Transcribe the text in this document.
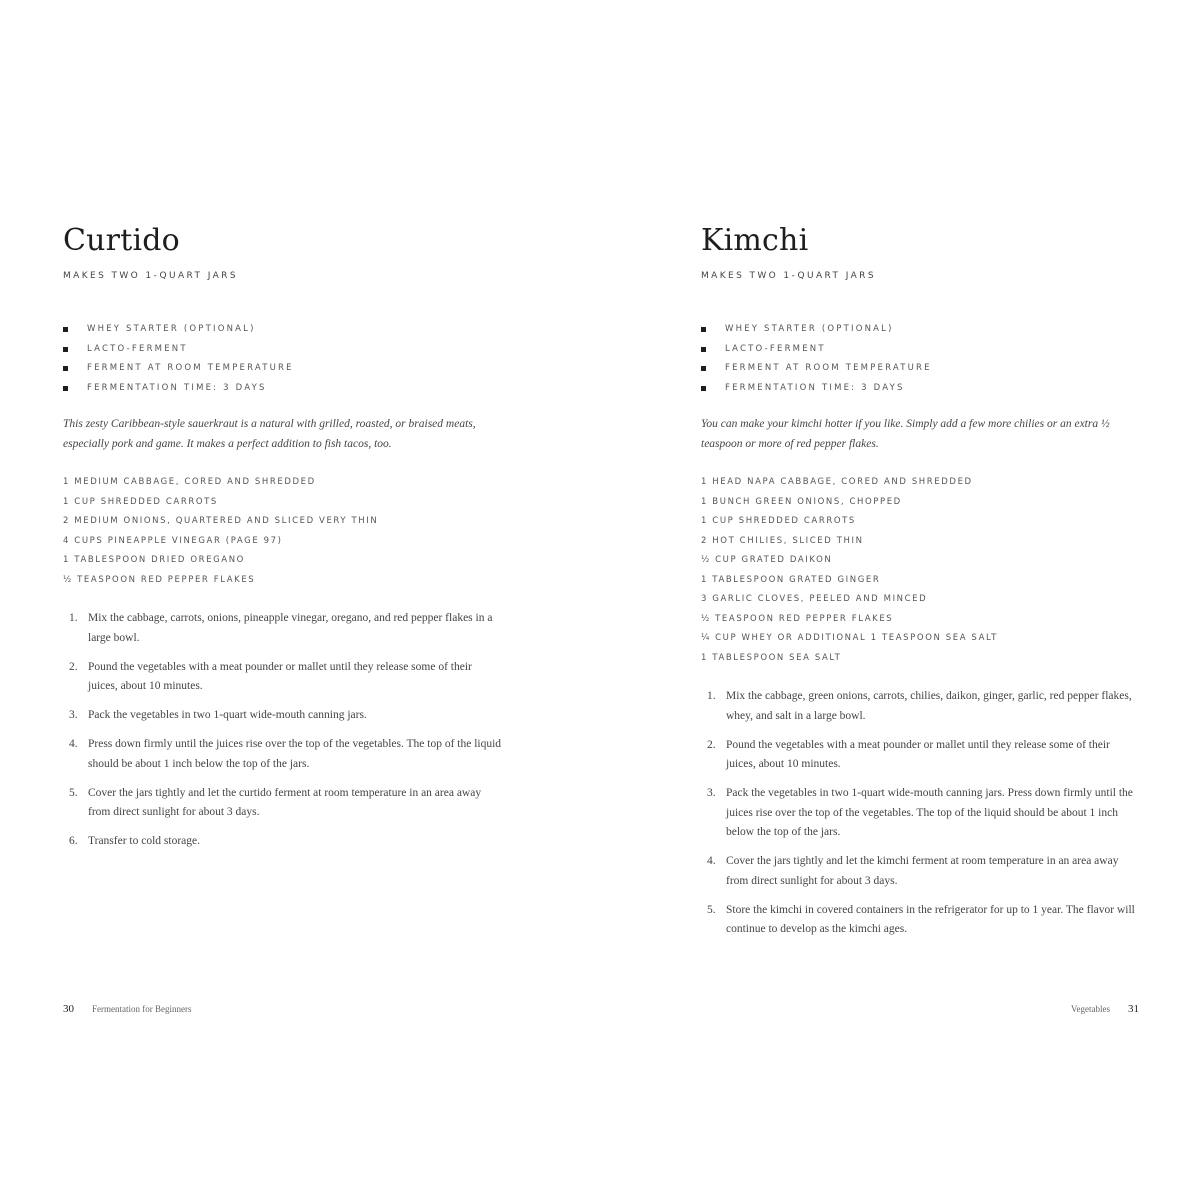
Curtido
MAKES TWO 1-QUART JARS
WHEY STARTER (OPTIONAL)
LACTO-FERMENT
FERMENT AT ROOM TEMPERATURE
FERMENTATION TIME: 3 DAYS

This zesty Caribbean-style sauerkraut is a natural with grilled, roasted, or braised meats, especially pork and game. It makes a perfect addition to fish tacos, too.

1 MEDIUM CABBAGE, CORED AND SHREDDED
1 CUP SHREDDED CARROTS
2 MEDIUM ONIONS, QUARTERED AND SLICED VERY THIN
4 CUPS PINEAPPLE VINEGAR (PAGE 97)
1 TABLESPOON DRIED OREGANO
½ TEASPOON RED PEPPER FLAKES
1. Mix the cabbage, carrots, onions, pineapple vinegar, oregano, and red pepper flakes in a large bowl.
2. Pound the vegetables with a meat pounder or mallet until they release some of their juices, about 10 minutes.
3. Pack the vegetables in two 1-quart wide-mouth canning jars.
4. Press down firmly until the juices rise over the top of the vegetables. The top of the liquid should be about 1 inch below the top of the jars.
5. Cover the jars tightly and let the curtido ferment at room temperature in an area away from direct sunlight for about 3 days.
6. Transfer to cold storage.
30 Fermentation for Beginners
Kimchi
MAKES TWO 1-QUART JARS
WHEY STARTER (OPTIONAL)
LACTO-FERMENT
FERMENT AT ROOM TEMPERATURE
FERMENTATION TIME: 3 DAYS

You can make your kimchi hotter if you like. Simply add a few more chilies or an extra ½ teaspoon or more of red pepper flakes.

1 HEAD NAPA CABBAGE, CORED AND SHREDDED
1 BUNCH GREEN ONIONS, CHOPPED
1 CUP SHREDDED CARROTS
2 HOT CHILIES, SLICED THIN
½ CUP GRATED DAIKON
1 TABLESPOON GRATED GINGER
3 GARLIC CLOVES, PEELED AND MINCED
½ TEASPOON RED PEPPER FLAKES
¼ CUP WHEY OR ADDITIONAL 1 TEASPOON SEA SALT
1 TABLESPOON SEA SALT
1. Mix the cabbage, green onions, carrots, chilies, daikon, ginger, garlic, red pepper flakes, whey, and salt in a large bowl.
2. Pound the vegetables with a meat pounder or mallet until they release some of their juices, about 10 minutes.
3. Pack the vegetables in two 1-quart wide-mouth canning jars. Press down firmly until the juices rise over the top of the vegetables. The top of the liquid should be about 1 inch below the top of the jars.
4. Cover the jars tightly and let the kimchi ferment at room temperature in an area away from direct sunlight for about 3 days.
5. Store the kimchi in covered containers in the refrigerator for up to 1 year. The flavor will continue to develop as the kimchi ages.
Vegetables 31
